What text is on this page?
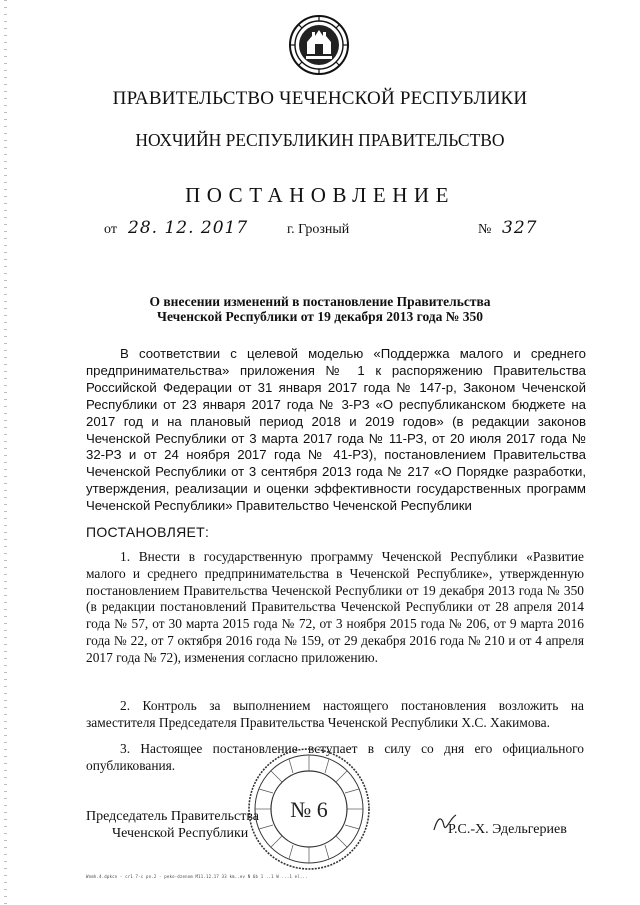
ПРАВИТЕЛЬСТВО ЧЕЧЕНСКОЙ РЕСПУБЛИКИ
НОХЧИЙН РЕСПУБЛИКИН ПРАВИТЕЛЬСТВО
ПОСТАНОВЛЕНИЕ
от 28. 12. 2017	г. Грозный	№ 327
О внесении изменений в постановление Правительства
Чеченской Республики от 19 декабря 2013 года № 350
В соответствии с целевой моделью «Поддержка малого и среднего предпринимательства» приложения № 1 к распоряжению Правительства Российской Федерации от 31 января 2017 года № 147-р, Законом Чеченской Республики от 23 января 2017 года № 3-РЗ «О республиканском бюджете на 2017 год и на плановый период 2018 и 2019 годов» (в редакции законов Чеченской Республики от 3 марта 2017 года № 11-РЗ, от 20 июля 2017 года № 32-РЗ и от 24 ноября 2017 года № 41-РЗ), постановлением Правительства Чеченской Республики от 3 сентября 2013 года № 217 «О Порядке разработки, утверждения, реализации и оценки эффективности государственных программ Чеченской Республики» Правительство Чеченской Республики
ПОСТАНОВЛЯЕТ:
1. Внести в государственную программу Чеченской Республики «Развитие малого и среднего предпринимательства в Чеченской Республике», утвержденную постановлением Правительства Чеченской Республики от 19 декабря 2013 года № 350 (в редакции постановлений Правительства Чеченской Республики от 28 апреля 2014 года № 57, от 30 марта 2015 года № 72, от 3 ноября 2015 года № 206, от 9 марта 2016 года № 22, от 7 октября 2016 года № 159, от 29 декабря 2016 года № 210 и от 4 апреля 2017 года № 72), изменения согласно приложению.
2. Контроль за выполнением настоящего постановления возложить на заместителя Председателя Правительства Чеченской Республики Х.С. Хакимова.
3. Настоящее постановление вступает в силу со дня его официального опубликования.
№ 6
Председатель Правительства
Чеченской Республики	Р.С.-Х. Эдельгериев
Wnmh.4.dpkcn - cr1 7-c pn.2 - peko-dzenom M11.12.17 33 km..ev N 6b 1 ..1 W ...1 el...
